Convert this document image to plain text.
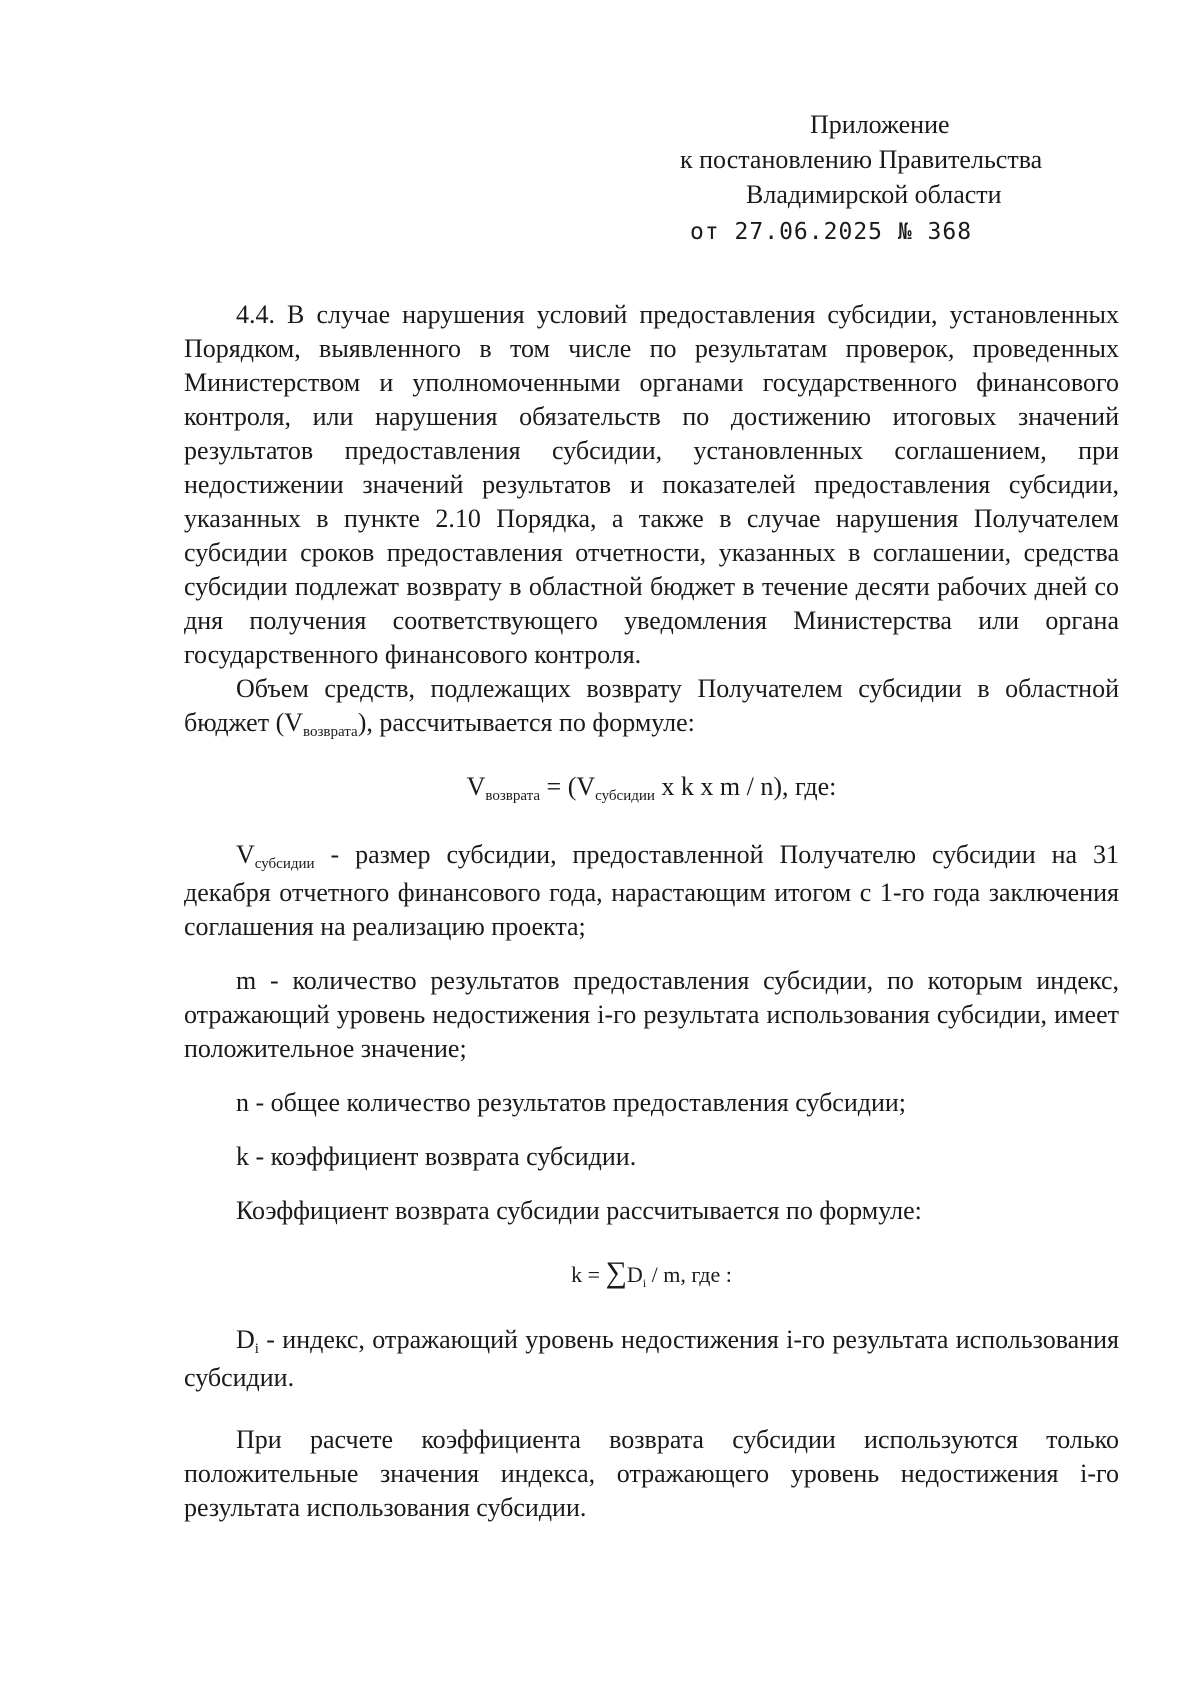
Приложение
к постановлению Правительства
Владимирской области
от 27.06.2025 № 368

4.4. В случае нарушения условий предоставления субсидии, установленных Порядком, выявленного в том числе по результатам проверок, проведенных Министерством и уполномоченными органами государственного финансового контроля, или нарушения обязательств по достижению итоговых значений результатов предоставления субсидии, установленных соглашением, при недостижении значений результатов и показателей предоставления субсидии, указанных в пункте 2.10 Порядка, а также в случае нарушения Получателем субсидии сроков предоставления отчетности, указанных в соглашении, средства субсидии подлежат возврату в областной бюджет в течение десяти рабочих дней со дня получения соответствующего уведомления Министерства или органа государственного финансового контроля.

Объем средств, подлежащих возврату Получателем субсидии в областной бюджет (Vвозврата), рассчитывается по формуле:

Vвозврата = (Vсубсидии x k x m / n), где:

Vсубсидии - размер субсидии, предоставленной Получателю субсидии на 31 декабря отчетного финансового года, нарастающим итогом с 1-го года заключения соглашения на реализацию проекта;

m - количество результатов предоставления субсидии, по которым индекс, отражающий уровень недостижения i-го результата использования субсидии, имеет положительное значение;

n - общее количество результатов предоставления субсидии;

k - коэффициент возврата субсидии.

Коэффициент возврата субсидии рассчитывается по формуле:

$k = \sum D_i / m$, где :

Di - индекс, отражающий уровень недостижения i-го результата использования субсидии.

При расчете коэффициента возврата субсидии используются только положительные значения индекса, отражающего уровень недостижения i-го результата использования субсидии.
